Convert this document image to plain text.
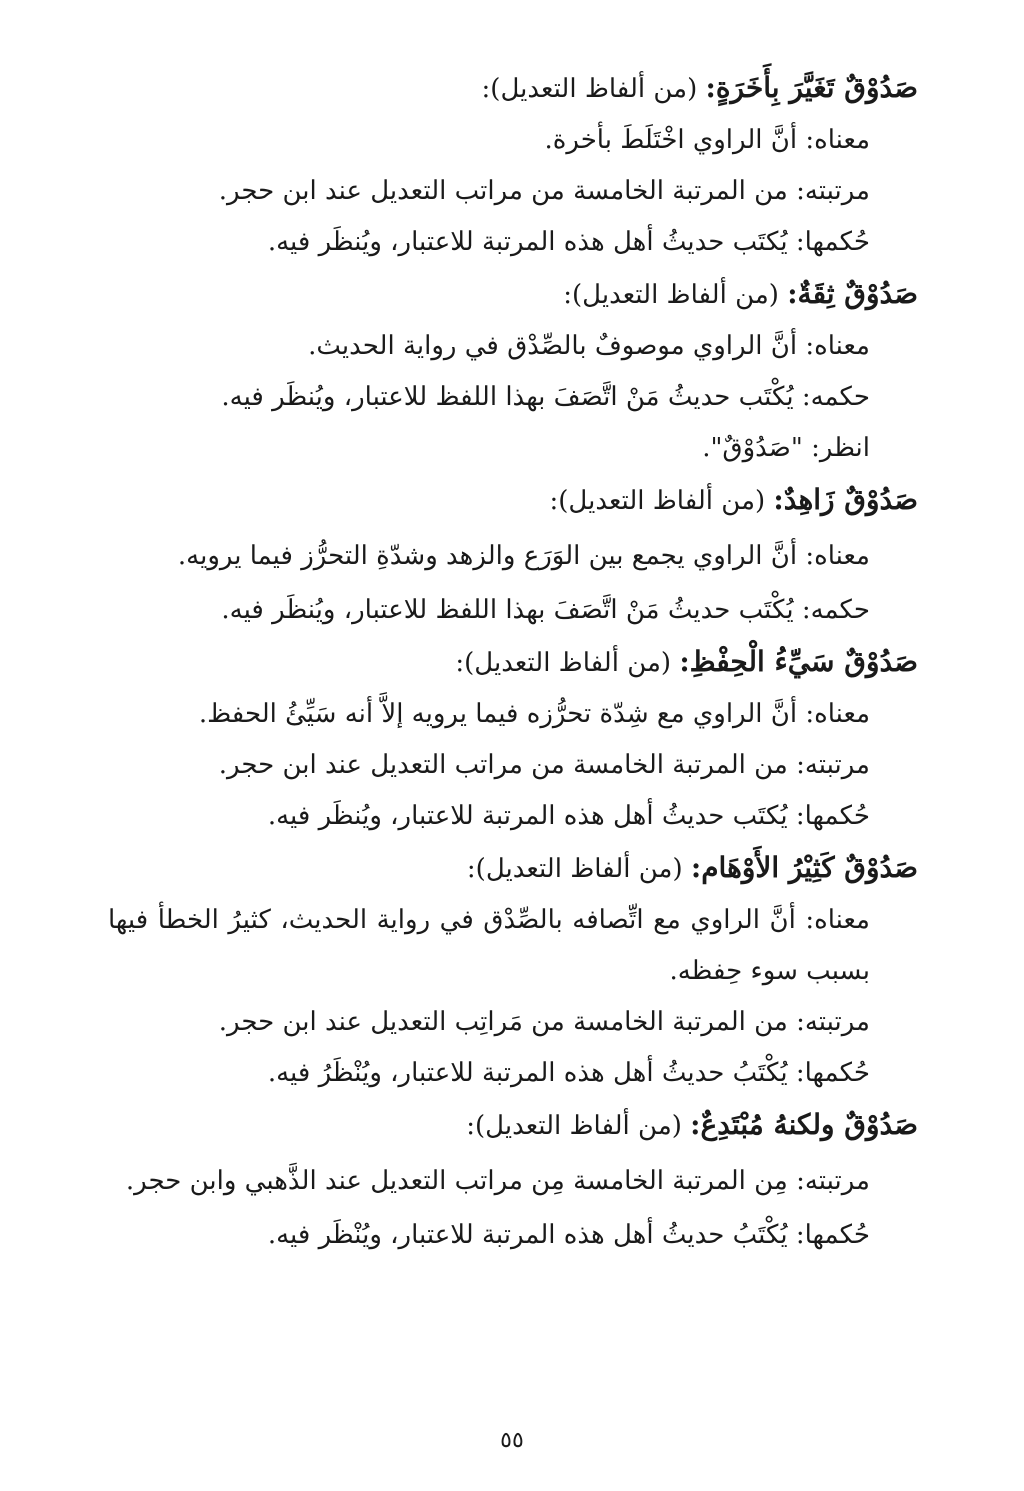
صَدُوْقٌ تَغَيَّرَ بِأَخَرَةٍ: (من ألفاظ التعديل):

معناه: أنَّ الراوي اخْتَلَطَ بأخرة.

مرتبته: من المرتبة الخامسة من مراتب التعديل عند ابن حجر.

حُكمها: يُكتَب حديثُ أهل هذه المرتبة للاعتبار، ويُنظَر فيه.

صَدُوْقٌ ثِقَةٌ: (من ألفاظ التعديل):

معناه: أنَّ الراوي موصوفٌ بالصِّدْق في رواية الحديث.

حكمه: يُكْتَب حديثُ مَنْ اتَّصَفَ بهذا اللفظ للاعتبار، ويُنظَر فيه.

انظر: "صَدُوْقٌ".

صَدُوْقٌ زَاهِدٌ: (من ألفاظ التعديل):

معناه: أنَّ الراوي يجمع بين الوَرَع والزهد وشدّةِ التحرُّز فيما يرويه.

حكمه: يُكْتَب حديثُ مَنْ اتَّصَفَ بهذا اللفظ للاعتبار، ويُنظَر فيه.

صَدُوْقٌ سَيِّءُ الْحِفْظِ: (من ألفاظ التعديل):

معناه: أنَّ الراوي مع شِدّة تحرُّزه فيما يرويه إلاَّ أنه سَيِّئُ الحفظ.

مرتبته: من المرتبة الخامسة من مراتب التعديل عند ابن حجر.

حُكمها: يُكتَب حديثُ أهل هذه المرتبة للاعتبار، ويُنظَر فيه.

صَدُوْقٌ كَثِيْرُ الأَوْهَام: (من ألفاظ التعديل):

معناه: أنَّ الراوي مع اتِّصافه بالصِّدْق في رواية الحديث، كثيرُ الخطأ فيها بسبب سوء حِفظه.

مرتبته: من المرتبة الخامسة من مَراتِب التعديل عند ابن حجر.

حُكمها: يُكْتَبُ حديثُ أهل هذه المرتبة للاعتبار، ويُنْظَرُ فيه.

صَدُوْقٌ ولكنهُ مُبْتَدِعٌ: (من ألفاظ التعديل):

مرتبته: مِن المرتبة الخامسة مِن مراتب التعديل عند الذَّهبي وابن حجر.

حُكمها: يُكْتَبُ حديثُ أهل هذه المرتبة للاعتبار، ويُنْظَر فيه.

٥٥
